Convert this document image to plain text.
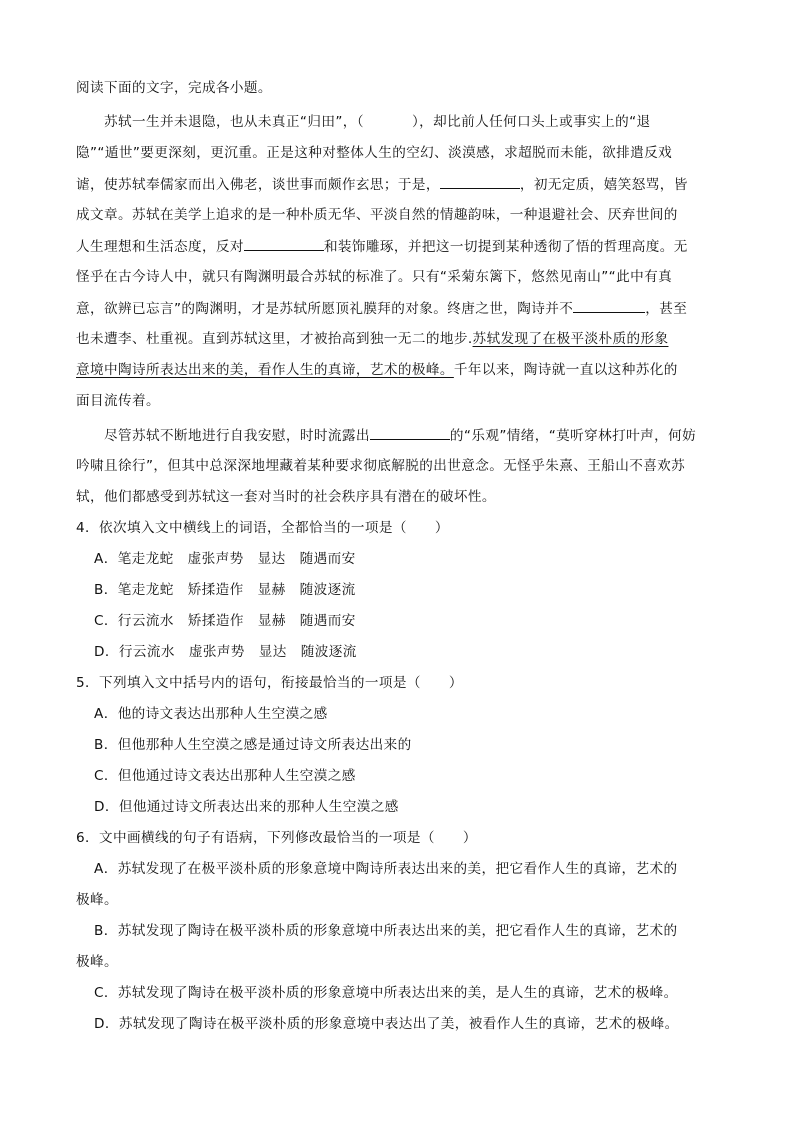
阅读下面的文字，完成各小题。
苏轼一生并未退隐，也从未真正“归田”，（	），却比前人任何口头上或事实上的“退
隐”“遁世”要更深刻，更沉重。正是这种对整体人生的空幻、淡漠感，求超脱而未能，欲排遣反戏
谑，使苏轼奉儒家而出入佛老，谈世事而颇作玄思；于是，	，初无定质，嬉笑怒骂，皆
成文章。苏轼在美学上追求的是一种朴质无华、平淡自然的情趣韵味，一种退避社会、厌弃世间的
人生理想和生活态度，反对	和装饰雕琢，并把这一切提到某种透彻了悟的哲理高度。无
怪乎在古今诗人中，就只有陶渊明最合苏轼的标准了。只有“采菊东篱下，悠然见南山”“此中有真
意，欲辨已忘言”的陶渊明，才是苏轼所愿顶礼膜拜的对象。终唐之世，陶诗并不	，甚至
也未遭李、杜重视。直到苏轼这里，才被抬高到独一无二的地步.苏轼发现了在极平淡朴质的形象
意境中陶诗所表达出来的美，看作人生的真谛，艺术的极峰。千年以来，陶诗就一直以这种苏化的
面目流传着。
尽管苏轼不断地进行自我安慰，时时流露出	的“乐观”情绪，“莫听穿林打叶声，何妨
吟啸且徐行”，但其中总深深地埋藏着某种要求彻底解脱的出世意念。无怪乎朱熹、王船山不喜欢苏
轼，他们都感受到苏轼这一套对当时的社会秩序具有潜在的破坏性。
4．依次填入文中横线上的词语，全都恰当的一项是（　　）
A．笔走龙蛇　虚张声势　显达　随遇而安
B．笔走龙蛇　矫揉造作　显赫　随波逐流
C．行云流水　矫揉造作　显赫　随遇而安
D．行云流水　虚张声势　显达　随波逐流
5．下列填入文中括号内的语句，衔接最恰当的一项是（　　）
A．他的诗文表达出那种人生空漠之感
B．但他那种人生空漠之感是通过诗文所表达出来的
C．但他通过诗文表达出那种人生空漠之感
D．但他通过诗文所表达出来的那种人生空漠之感
6．文中画横线的句子有语病，下列修改最恰当的一项是（　　）
A．苏轼发现了在极平淡朴质的形象意境中陶诗所表达出来的美，把它看作人生的真谛，艺术的
极峰。
B．苏轼发现了陶诗在极平淡朴质的形象意境中所表达出来的美，把它看作人生的真谛，艺术的
极峰。
C．苏轼发现了陶诗在极平淡朴质的形象意境中所表达出来的美，是人生的真谛，艺术的极峰。
D．苏轼发现了陶诗在极平淡朴质的形象意境中表达出了美，被看作人生的真谛，艺术的极峰。
